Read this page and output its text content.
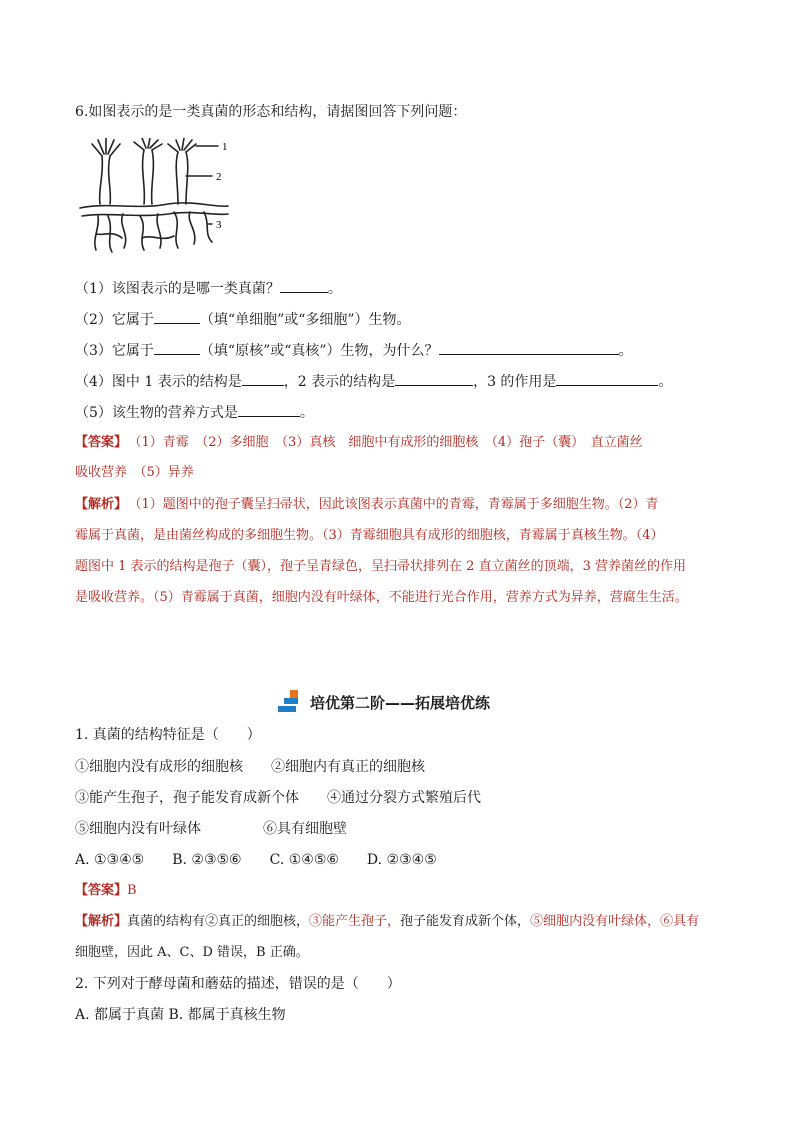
6.如图表示的是一类真菌的形态和结构，请据图回答下列问题：
1
2
3
（1）该图表示的是哪一类真菌？	。
（2）它属于	（填“单细胞”或“多细胞”）生物。
（3）它属于	（填“原核”或“真核”）生物，为什么？	。
（4）图中 1 表示的结构是	，2 表示的结构是	，3 的作用是	。
（5）该生物的营养方式是	。
【答案】 （1）青霉　（2）多细胞　（3）真核　细胞中有成形的细胞核　（4）孢子（囊）　直立菌丝
吸收营养　（5）异养
【解析】 （1）题图中的孢子囊呈扫帚状，因此该图表示真菌中的青霉，青霉属于多细胞生物。（2）青
霉属于真菌，是由菌丝构成的多细胞生物。（3）青霉细胞具有成形的细胞核，青霉属于真核生物。（4）
题图中 1 表示的结构是孢子（囊），孢子呈青绿色，呈扫帚状排列在 2 直立菌丝的顶端，3 营养菌丝的作用
是吸收营养。（5）青霉属于真菌，细胞内没有叶绿体，不能进行光合作用，营养方式为异养，营腐生生活。
培优第二阶——拓展培优练
1. 真菌的结构特征是（　　）
①细胞内没有成形的细胞核 ②细胞内有真正的细胞核
③能产生孢子，孢子能发育成新个体 ④通过分裂方式繁殖后代
⑤细胞内没有叶绿体	⑥具有细胞壁
A. ①③④⑤　　B. ②③⑤⑥　　C. ①④⑤⑥　　D. ②③④⑤
【答案】B
【解析】真菌的结构有②真正的细胞核，③能产生孢子，孢子能发育成新个体，⑤细胞内没有叶绿体，⑥具有
细胞壁，因此 A、C、D 错误，B 正确。
2. 下列对于酵母菌和蘑菇的描述，错误的是（　　）
A. 都属于真菌 B. 都属于真核生物
